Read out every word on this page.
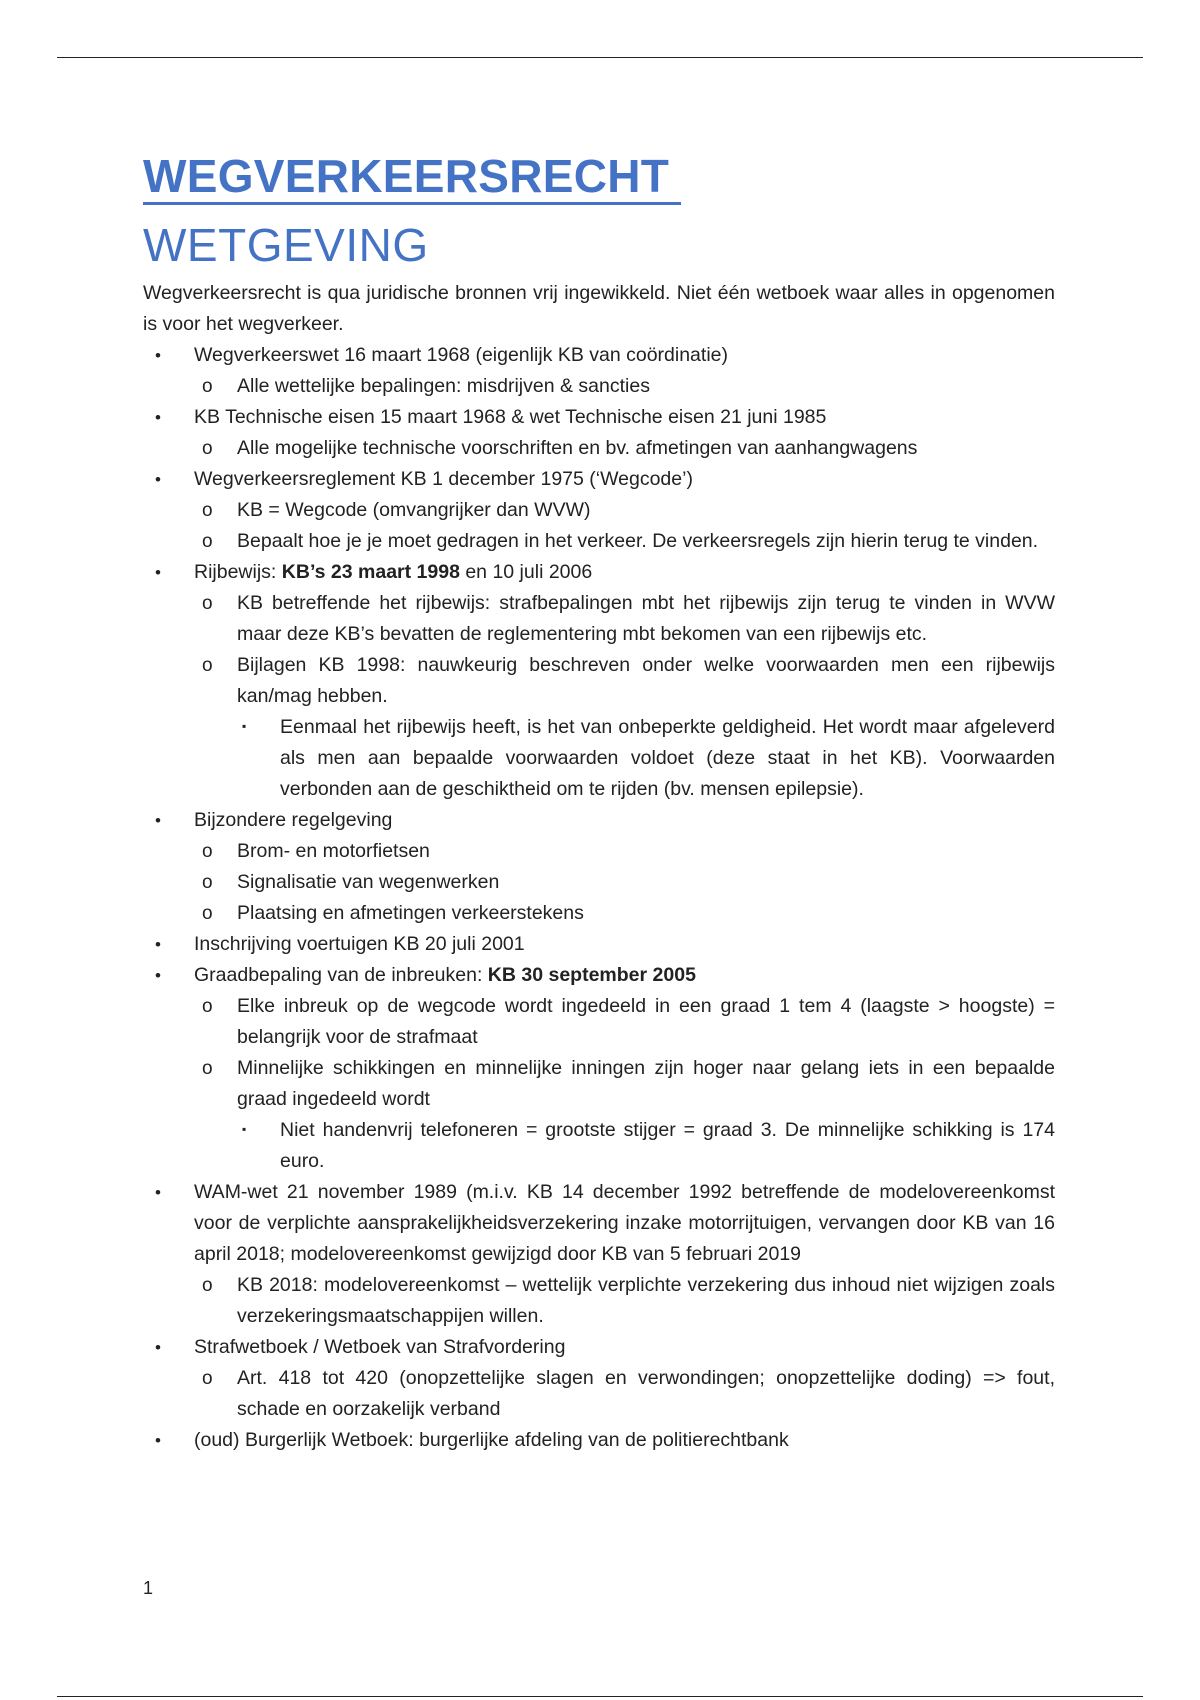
WEGVERKEERSRECHT
WETGEVING

Wegverkeersrecht is qua juridische bronnen vrij ingewikkeld. Niet één wetboek waar alles in opgenomen is voor het wegverkeer.

• Wegverkeerswet 16 maart 1968 (eigenlijk KB van coördinatie)
o Alle wettelijke bepalingen: misdrijven & sancties
• KB Technische eisen 15 maart 1968 & wet Technische eisen 21 juni 1985
o Alle mogelijke technische voorschriften en bv. afmetingen van aanhangwagens
• Wegverkeersreglement KB 1 december 1975 (‘Wegcode’)
o KB = Wegcode (omvangrijker dan WVW)
o Bepaalt hoe je je moet gedragen in het verkeer. De verkeersregels zijn hierin terug te vinden.
• Rijbewijs: KB’s 23 maart 1998 en 10 juli 2006
o KB betreffende het rijbewijs: strafbepalingen mbt het rijbewijs zijn terug te vinden in WVW maar deze KB’s bevatten de reglementering mbt bekomen van een rijbewijs etc.
o Bijlagen KB 1998: nauwkeurig beschreven onder welke voorwaarden men een rijbewijs kan/mag hebben.
▪ Eenmaal het rijbewijs heeft, is het van onbeperkte geldigheid. Het wordt maar afgeleverd als men aan bepaalde voorwaarden voldoet (deze staat in het KB). Voorwaarden verbonden aan de geschiktheid om te rijden (bv. mensen epilepsie).
• Bijzondere regelgeving
o Brom- en motorfietsen
o Signalisatie van wegenwerken
o Plaatsing en afmetingen verkeerstekens
• Inschrijving voertuigen KB 20 juli 2001
• Graadbepaling van de inbreuken: KB 30 september 2005
o Elke inbreuk op de wegcode wordt ingedeeld in een graad 1 tem 4 (laagste > hoogste) = belangrijk voor de strafmaat
o Minnelijke schikkingen en minnelijke inningen zijn hoger naar gelang iets in een bepaalde graad ingedeeld wordt
▪ Niet handenvrij telefoneren = grootste stijger = graad 3. De minnelijke schikking is 174 euro.
• WAM-wet 21 november 1989 (m.i.v. KB 14 december 1992 betreffende de modelovereenkomst voor de verplichte aansprakelijkheidsverzekering inzake motorrijtuigen, vervangen door KB van 16 april 2018; modelovereenkomst gewijzigd door KB van 5 februari 2019
o KB 2018: modelovereenkomst – wettelijk verplichte verzekering dus inhoud niet wijzigen zoals verzekeringsmaatschappijen willen.
• Strafwetboek / Wetboek van Strafvordering
o Art. 418 tot 420 (onopzettelijke slagen en verwondingen; onopzettelijke doding) => fout, schade en oorzakelijk verband
• (oud) Burgerlijk Wetboek: burgerlijke afdeling van de politierechtbank
1
